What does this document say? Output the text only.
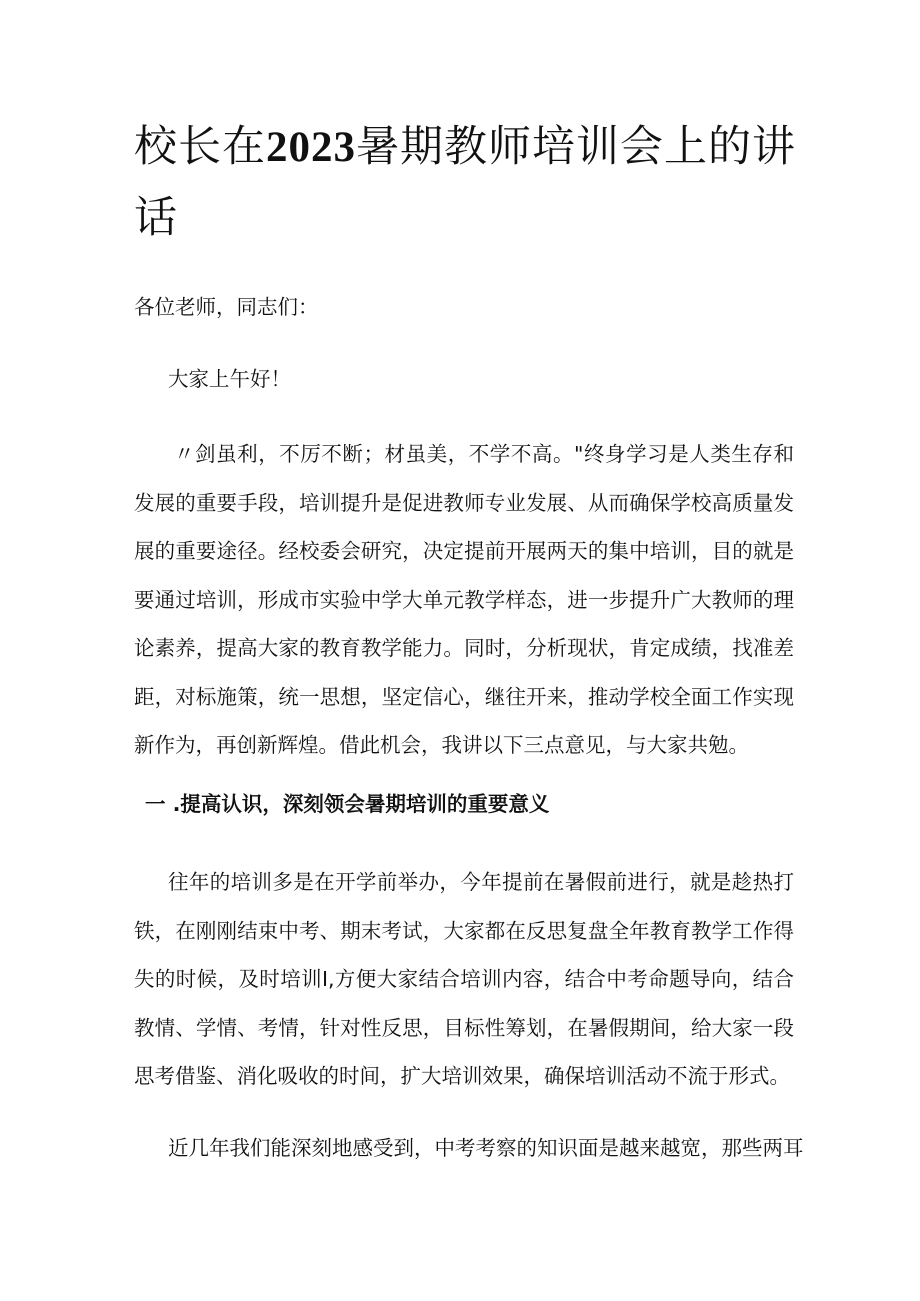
校长在2023暑期教师培训会上的讲话

各位老师，同志们：

大家上午好！

〃剑虽利，不厉不断；材虽美，不学不高。"终身学习是人类生存和发展的重要手段，培训提升是促进教师专业发展、从而确保学校高质量发展的重要途径。经校委会研究，决定提前开展两天的集中培训，目的就是要通过培训，形成市实验中学大单元教学样态，进一步提升广大教师的理论素养，提高大家的教育教学能力。同时，分析现状，肯定成绩，找准差距，对标施策，统一思想，坚定信心，继往开来，推动学校全面工作实现新作为，再创新辉煌。借此机会，我讲以下三点意见，与大家共勉。

一 .提高认识，深刻领会暑期培训的重要意义

往年的培训多是在开学前举办，今年提前在暑假前进行，就是趁热打铁，在刚刚结束中考、期末考试，大家都在反思复盘全年教育教学工作得失的时候，及时培训I,方便大家结合培训内容，结合中考命题导向，结合教情、学情、考情，针对性反思，目标性筹划，在暑假期间，给大家一段思考借鉴、消化吸收的时间，扩大培训效果，确保培训活动不流于形式。

近几年我们能深刻地感受到，中考考察的知识面是越来越宽，那些两耳
